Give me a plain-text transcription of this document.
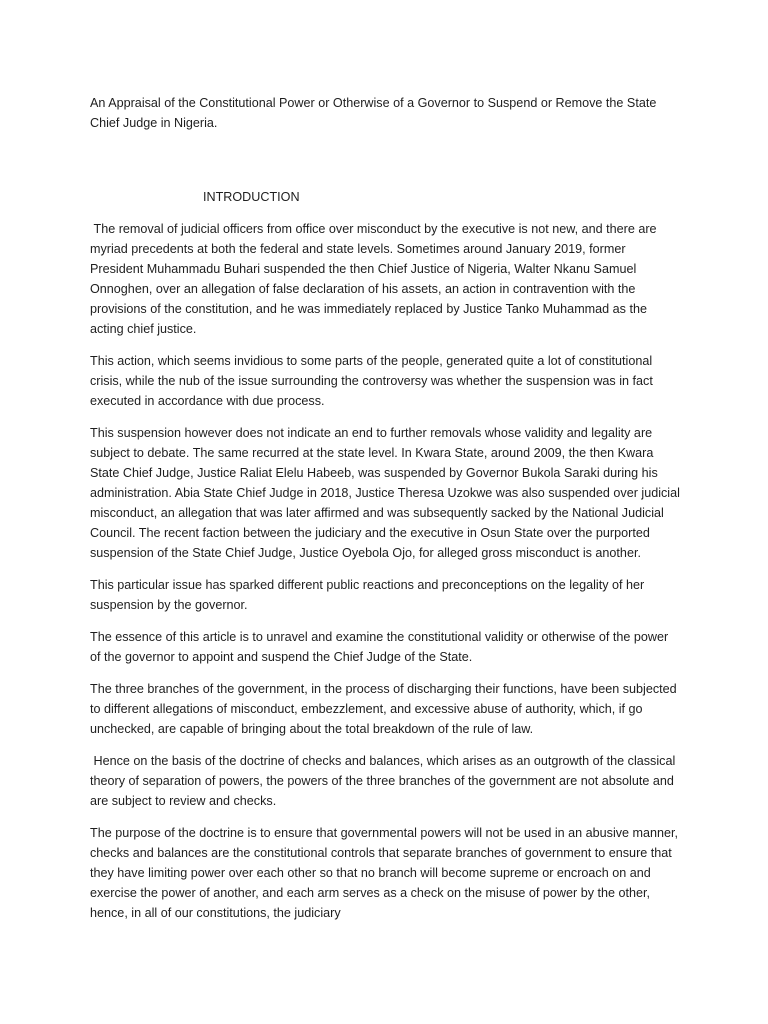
An Appraisal of the Constitutional Power or Otherwise of a Governor to Suspend or Remove the State Chief Judge in Nigeria.

INTRODUCTION

The removal of judicial officers from office over misconduct by the executive is not new, and there are myriad precedents at both the federal and state levels. Sometimes around January 2019, former President Muhammadu Buhari suspended the then Chief Justice of Nigeria, Walter Nkanu Samuel Onnoghen, over an allegation of false declaration of his assets, an action in contravention with the provisions of the constitution, and he was immediately replaced by Justice Tanko Muhammad as the acting chief justice.

This action, which seems invidious to some parts of the people, generated quite a lot of constitutional crisis, while the nub of the issue surrounding the controversy was whether the suspension was in fact executed in accordance with due process.

This suspension however does not indicate an end to further removals whose validity and legality are subject to debate. The same recurred at the state level. In Kwara State, around 2009, the then Kwara State Chief Judge, Justice Raliat Elelu Habeeb, was suspended by Governor Bukola Saraki during his administration. Abia State Chief Judge in 2018, Justice Theresa Uzokwe was also suspended over judicial misconduct, an allegation that was later affirmed and was subsequently sacked by the National Judicial Council. The recent faction between the judiciary and the executive in Osun State over the purported suspension of the State Chief Judge, Justice Oyebola Ojo, for alleged gross misconduct is another.

This particular issue has sparked different public reactions and preconceptions on the legality of her suspension by the governor.

The essence of this article is to unravel and examine the constitutional validity or otherwise of the power of the governor to appoint and suspend the Chief Judge of the State.

The three branches of the government, in the process of discharging their functions, have been subjected to different allegations of misconduct, embezzlement, and excessive abuse of authority, which, if go unchecked, are capable of bringing about the total breakdown of the rule of law.

Hence on the basis of the doctrine of checks and balances, which arises as an outgrowth of the classical theory of separation of powers, the powers of the three branches of the government are not absolute and are subject to review and checks.

The purpose of the doctrine is to ensure that governmental powers will not be used in an abusive manner, checks and balances are the constitutional controls that separate branches of government to ensure that they have limiting power over each other so that no branch will become supreme or encroach on and exercise the power of another, and each arm serves as a check on the misuse of power by the other, hence, in all of our constitutions, the judiciary
